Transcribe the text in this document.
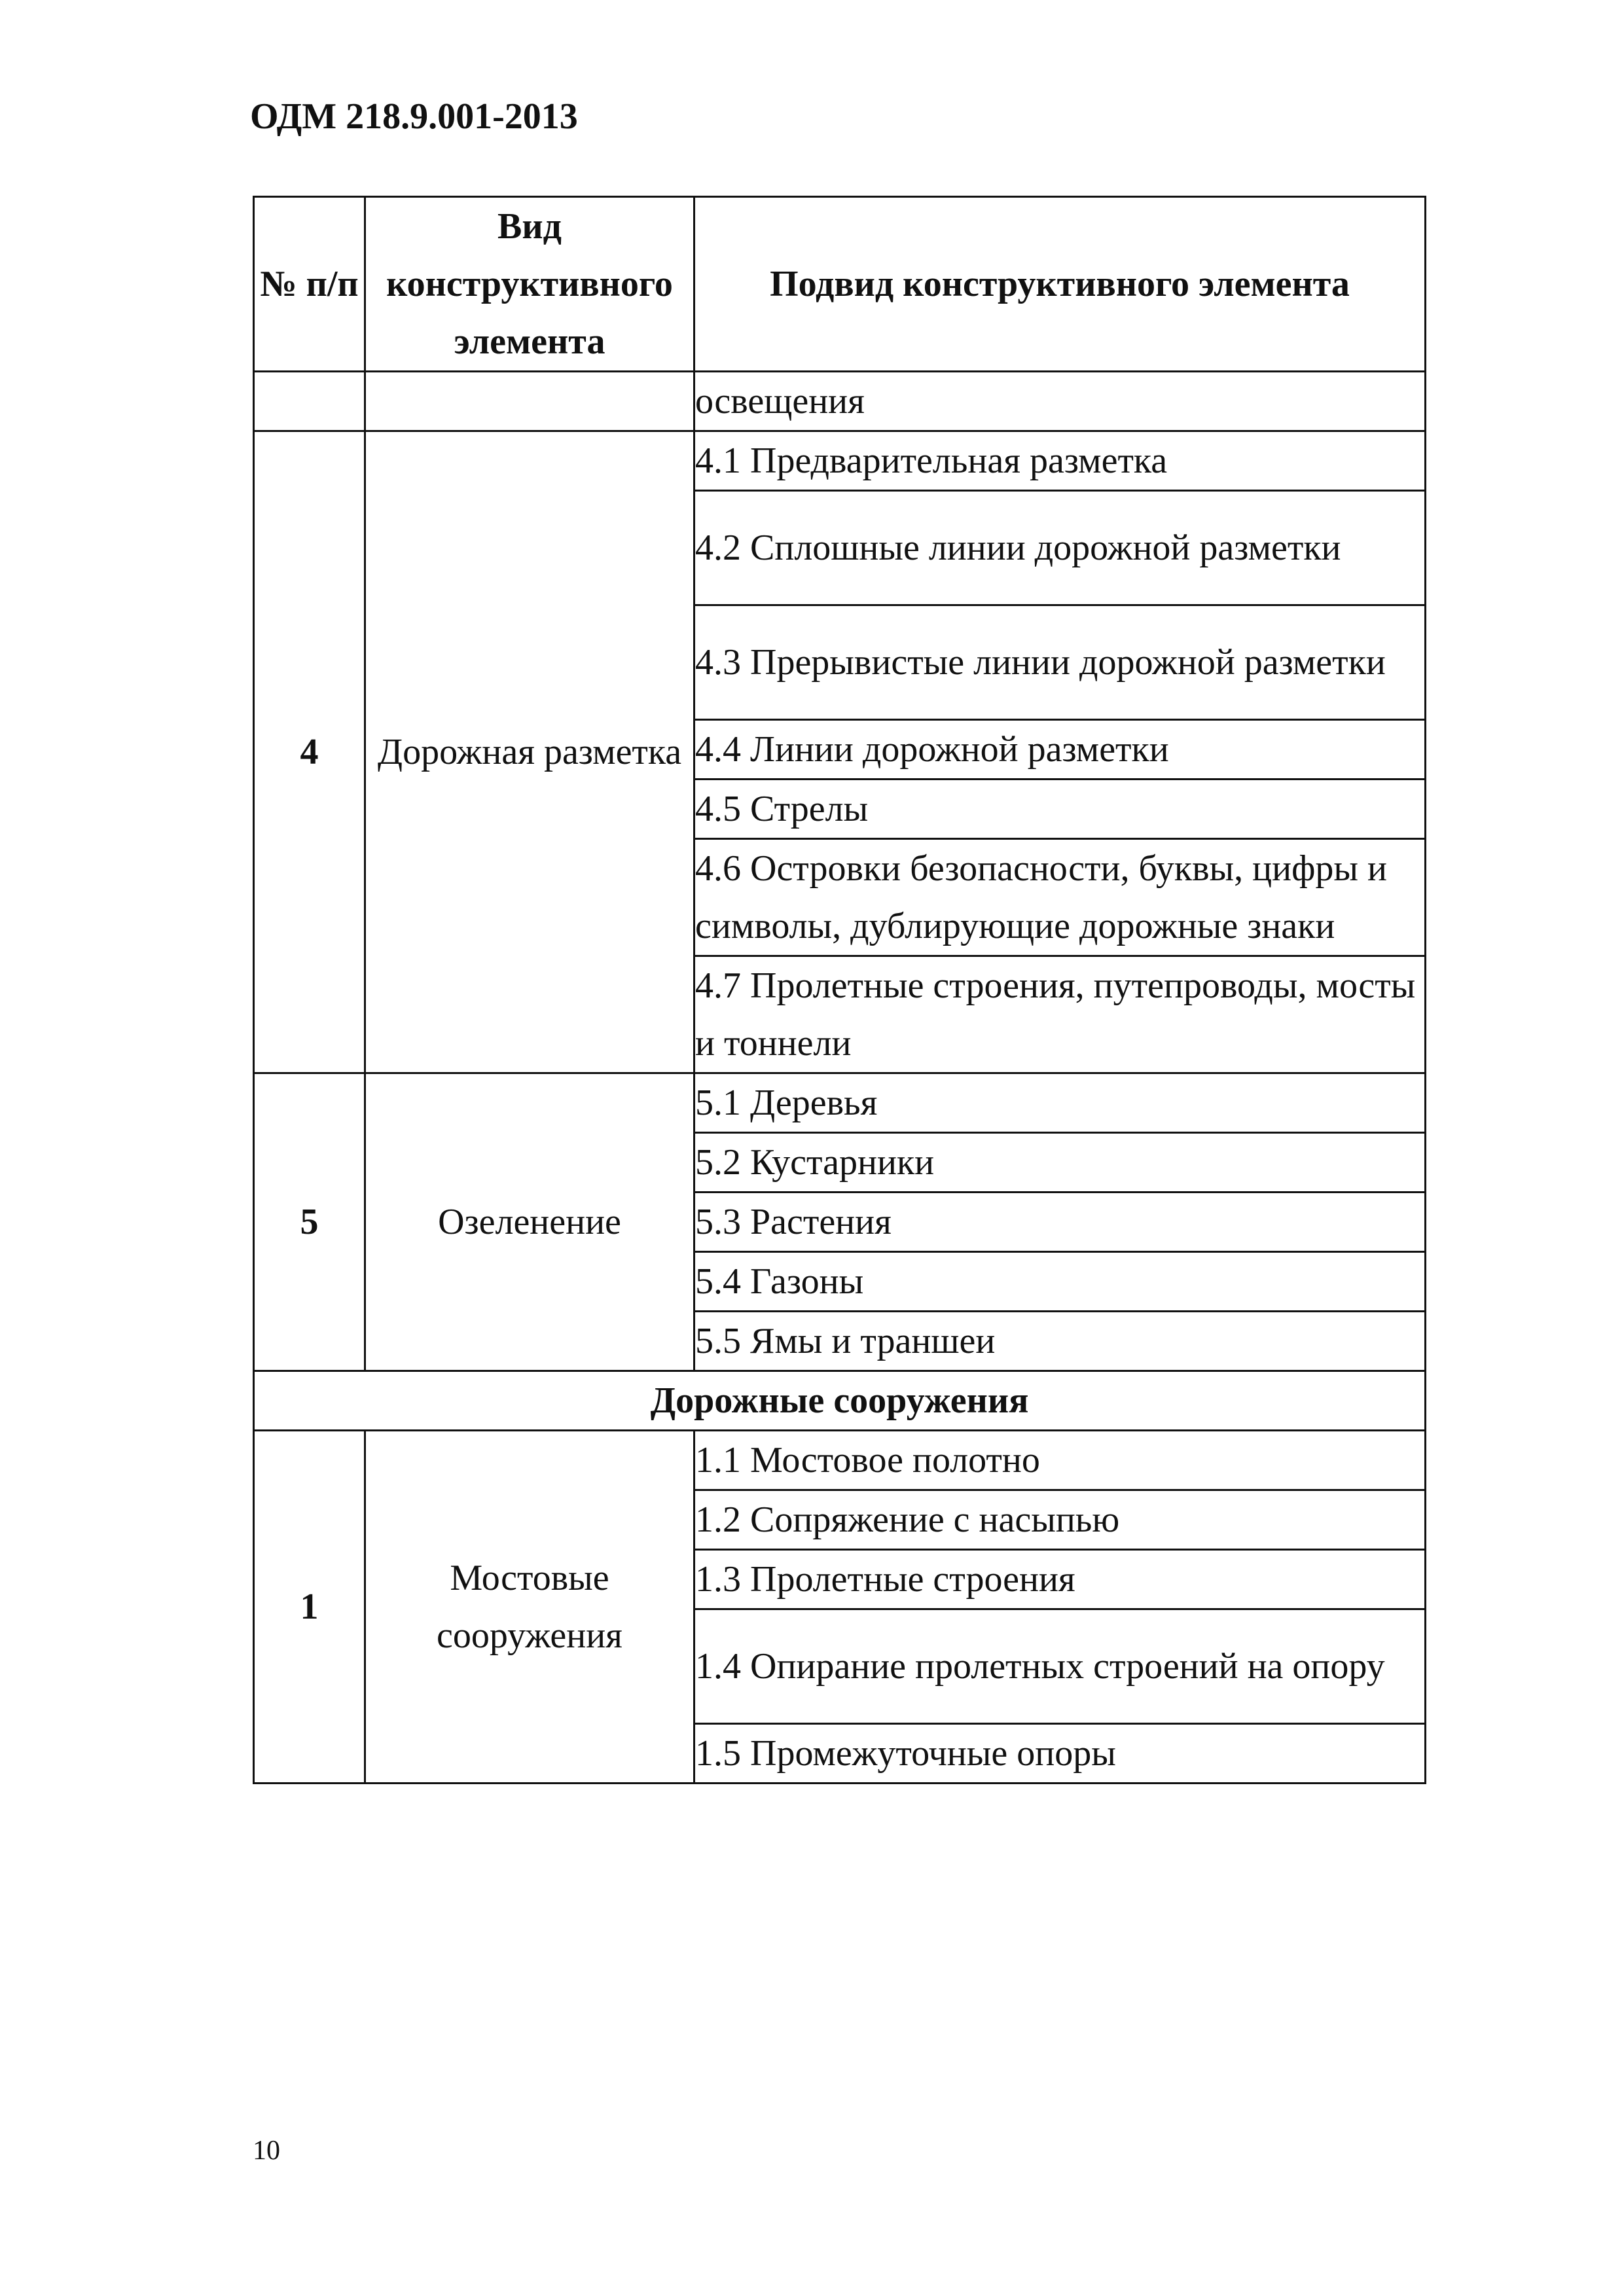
ОДМ 218.9.001-2013
№ п/п	Вид конструктивного элемента	Подвид конструктивного элемента
		освещения
4	Дорожная разметка	4.1 Предварительная разметка
		4.2 Сплошные линии дорожной разметки
		4.3 Прерывистые линии дорожной разметки
		4.4 Линии дорожной разметки
		4.5 Стрелы
		4.6 Островки безопасности, буквы, цифры и символы, дублирующие дорожные знаки
		4.7 Пролетные строения, путепроводы, мосты и тоннели
5	Озеленение	5.1 Деревья
		5.2 Кустарники
		5.3 Растения
		5.4 Газоны
		5.5 Ямы и траншеи
Дорожные сооружения		
1	Мостовые сооружения	1.1 Мостовое полотно
		1.2 Сопряжение с насыпью
		1.3 Пролетные строения
		1.4 Опирание пролетных строений на опору
		1.5 Промежуточные опоры
10
